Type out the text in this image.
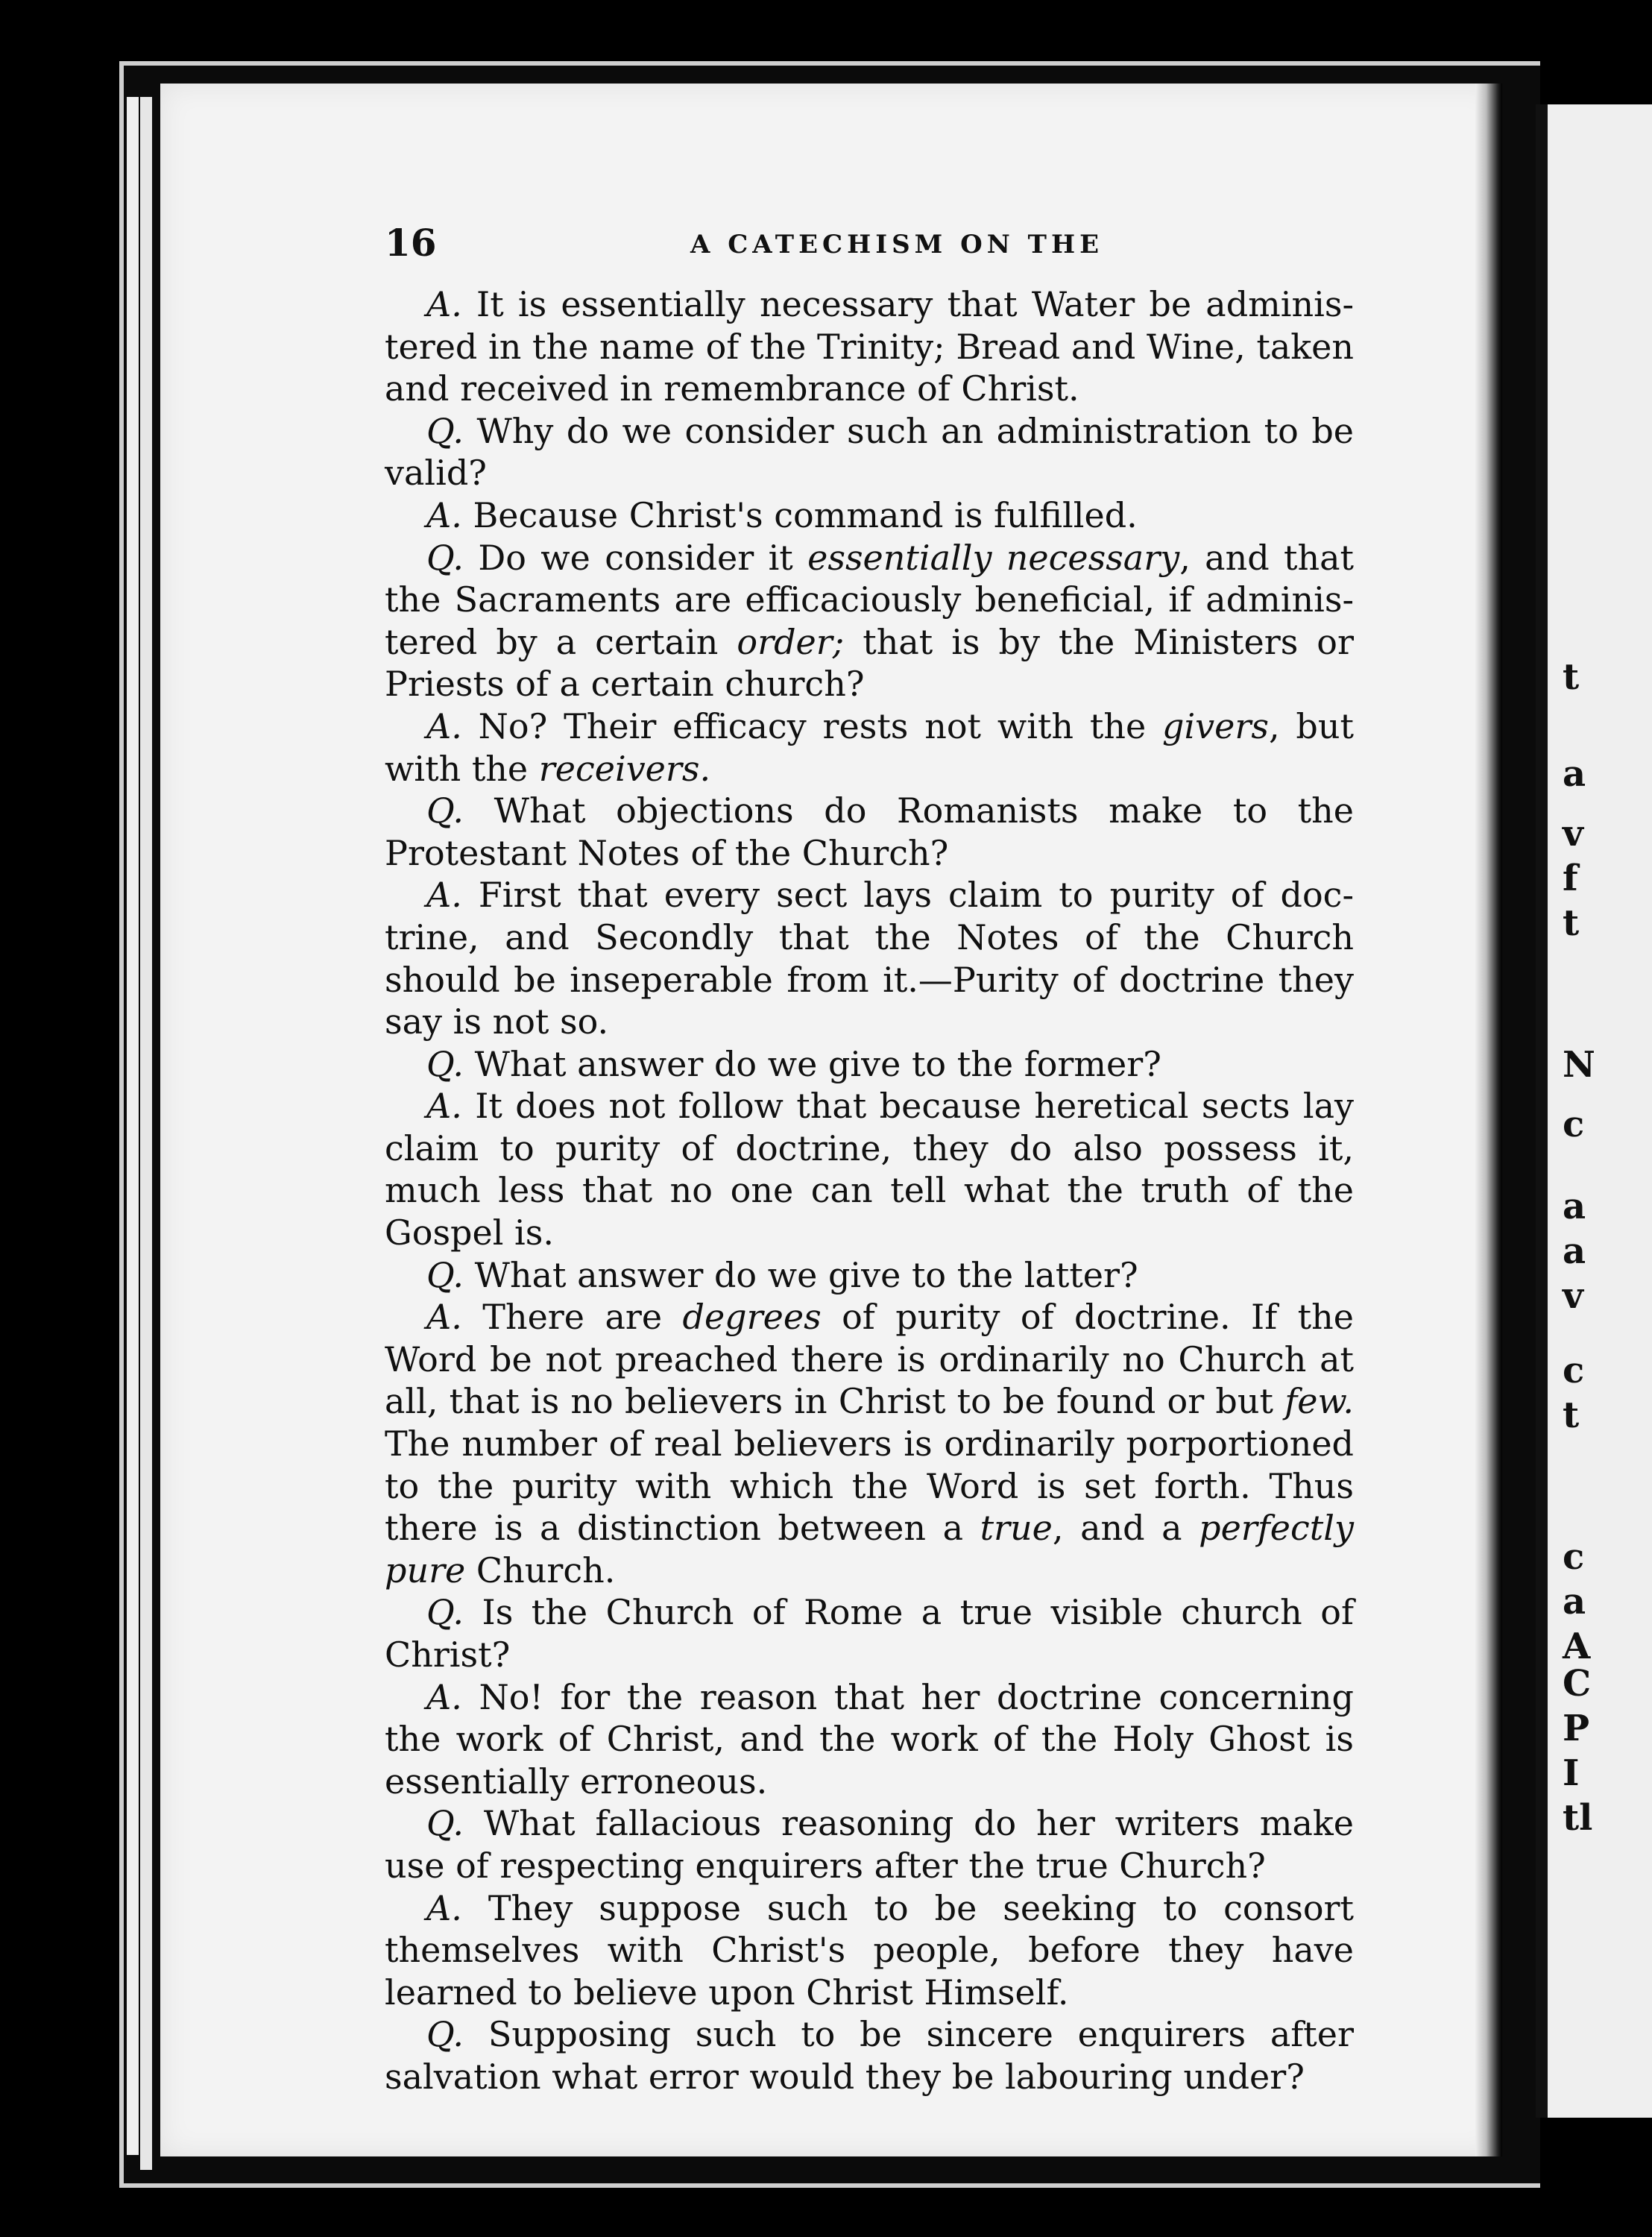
t
a
v
f
t
N
c
a
a
v
c
t
c
a
A
C
P
I
tl
16	A CATECHISM ON THE

A. It is essentially necessary that Water be administered in the name of the Trinity; Bread and Wine, taken and received in remembrance of Christ.

Q. Why do we consider such an administration to be valid?

A. Because Christ's command is fulfilled.

Q. Do we consider it essentially necessary, and that the Sacraments are efficaciously beneficial, if administered by a certain order; that is by the Ministers or Priests of a certain church?

A. No? Their efficacy rests not with the givers, but with the receivers.

Q. What objections do Romanists make to the Protestant Notes of the Church?

A. First that every sect lays claim to purity of doctrine, and Secondly that the Notes of the Church should be inseperable from it.—Purity of doctrine they say is not so.

Q. What answer do we give to the former?

A. It does not follow that because heretical sects lay claim to purity of doctrine, they do also possess it, much less that no one can tell what the truth of the Gospel is.

Q. What answer do we give to the latter?

A. There are degrees of purity of doctrine. If the Word be not preached there is ordinarily no Church at all, that is no believers in Christ to be found or but few. The number of real believers is ordinarily porportioned to the purity with which the Word is set forth. Thus there is a distinction between a true, and a perfectly pure Church.

Q. Is the Church of Rome a true visible church of Christ?

A. No! for the reason that her doctrine concerning the work of Christ, and the work of the Holy Ghost is essentially erroneous.

Q. What fallacious reasoning do her writers make use of respecting enquirers after the true Church?

A. They suppose such to be seeking to consort themselves with Christ's people, before they have learned to believe upon Christ Himself.

Q. Supposing such to be sincere enquirers after salvation what error would they be labouring under?
